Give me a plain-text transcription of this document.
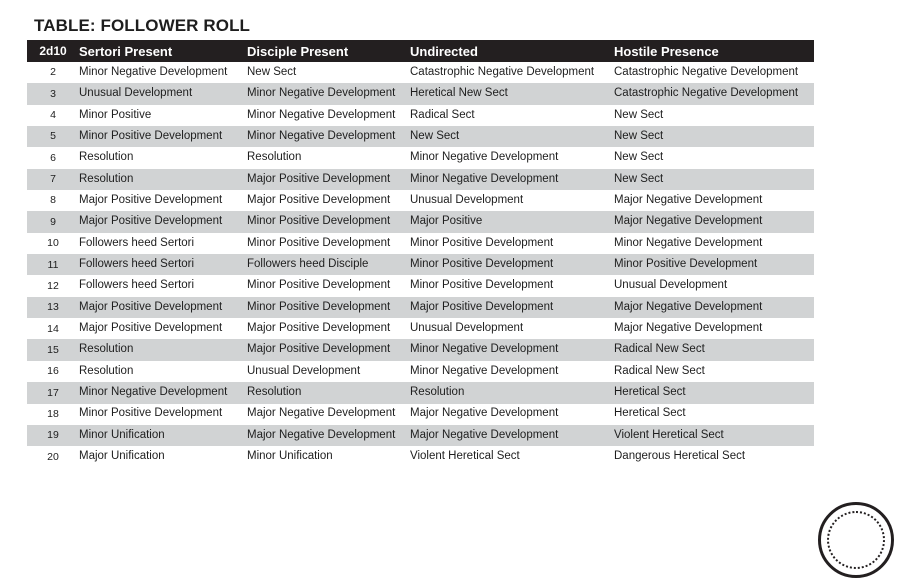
TABLE: FOLLOWER ROLL
2d10	Sertori Present	Disciple Present	Undirected	Hostile Presence
2	Minor Negative Development	New Sect	Catastrophic Negative Development	Catastrophic Negative Development
3	Unusual Development	Minor Negative Development	Heretical New Sect	Catastrophic Negative Development
4	Minor Positive	Minor Negative Development	Radical Sect	New Sect
5	Minor Positive Development	Minor Negative Development	New Sect	New Sect
6	Resolution	Resolution	Minor Negative Development	New Sect
7	Resolution	Major Positive Development	Minor Negative Development	New Sect
8	Major Positive Development	Major Positive Development	Unusual Development	Major Negative Development
9	Major Positive Development	Minor Positive Development	Major Positive	Major Negative Development
10	Followers heed Sertori	Minor Positive Development	Minor Positive Development	Minor Negative Development
11	Followers heed Sertori	Followers heed Disciple	Minor Positive Development	Minor Positive Development
12	Followers heed Sertori	Minor Positive Development	Minor Positive Development	Unusual Development
13	Major Positive Development	Minor Positive Development	Major Positive Development	Major Negative Development
14	Major Positive Development	Major Positive Development	Unusual Development	Major Negative Development
15	Resolution	Major Positive Development	Minor Negative Development	Radical New Sect
16	Resolution	Unusual Development	Minor Negative Development	Radical New Sect
17	Minor Negative Development	Resolution	Resolution	Heretical Sect
18	Minor Positive Development	Major Negative Development	Major Negative Development	Heretical Sect
19	Minor Unification	Major Negative Development	Major Negative Development	Violent Heretical Sect
20	Major Unification	Minor Unification	Violent Heretical Sect	Dangerous Heretical Sect
